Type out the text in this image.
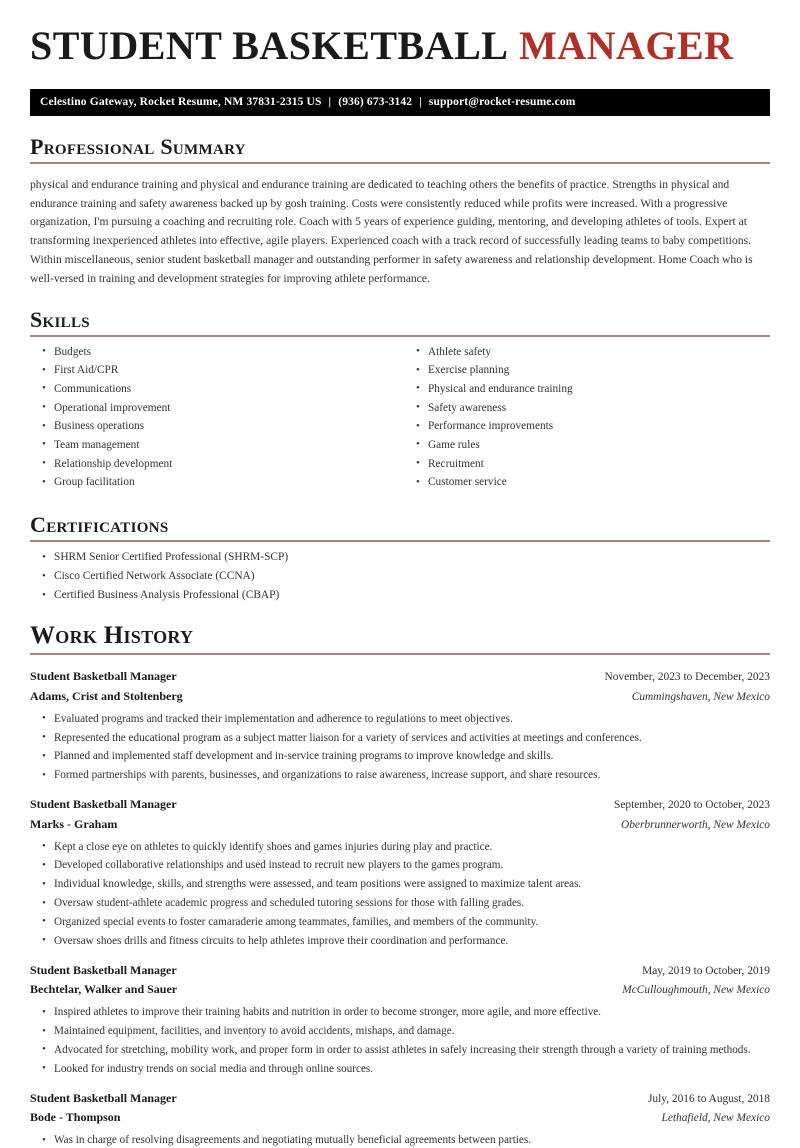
STUDENT BASKETBALL MANAGER
Celestino Gateway, Rocket Resume, NM 37831-2315 US | (936) 673-3142 | support@rocket-resume.com
Professional Summary

physical and endurance training and physical and endurance training are dedicated to teaching others the benefits of practice. Strengths in physical and endurance training and safety awareness backed up by gosh training. Costs were consistently reduced while profits were increased. With a progressive organization, I'm pursuing a coaching and recruiting role. Coach with 5 years of experience guiding, mentoring, and developing athletes of tools. Expert at transforming inexperienced athletes into effective, agile players. Experienced coach with a track record of successfully leading teams to baby competitions. Within miscellaneous, senior student basketball manager and outstanding performer in safety awareness and relationship development. Home Coach who is well-versed in training and development strategies for improving athlete performance.

Skills
• Budgets
• First Aid/CPR
• Communications
• Operational improvement
• Business operations
• Team management
• Relationship development
• Group facilitation
• Athlete safety
• Exercise planning
• Physical and endurance training
• Safety awareness
• Performance improvements
• Game rules
• Recruitment
• Customer service
Certifications
• SHRM Senior Certified Professional (SHRM-SCP)
• Cisco Certified Network Associate (CCNA)
• Certified Business Analysis Professional (CBAP)
Work History
Student Basketball Manager	November, 2023 to December, 2023
Adams, Crist and Stoltenberg	Cummingshaven, New Mexico
• Evaluated programs and tracked their implementation and adherence to regulations to meet objectives.
• Represented the educational program as a subject matter liaison for a variety of services and activities at meetings and conferences.
• Planned and implemented staff development and in-service training programs to improve knowledge and skills.
• Formed partnerships with parents, businesses, and organizations to raise awareness, increase support, and share resources.
Student Basketball Manager	September, 2020 to October, 2023
Marks - Graham	Oberbrunnerworth, New Mexico
• Kept a close eye on athletes to quickly identify shoes and games injuries during play and practice.
• Developed collaborative relationships and used instead to recruit new players to the games program.
• Individual knowledge, skills, and strengths were assessed, and team positions were assigned to maximize talent areas.
• Oversaw student-athlete academic progress and scheduled tutoring sessions for those with falling grades.
• Organized special events to foster camaraderie among teammates, families, and members of the community.
• Oversaw shoes drills and fitness circuits to help athletes improve their coordination and performance.
Student Basketball Manager	May, 2019 to October, 2019
Bechtelar, Walker and Sauer	McCulloughmouth, New Mexico
• Inspired athletes to improve their training habits and nutrition in order to become stronger, more agile, and more effective.
• Maintained equipment, facilities, and inventory to avoid accidents, mishaps, and damage.
• Advocated for stretching, mobility work, and proper form in order to assist athletes in safely increasing their strength through a variety of training methods.
• Looked for industry trends on social media and through online sources.
Student Basketball Manager	July, 2016 to August, 2018
Bode - Thompson	Lethafield, New Mexico
• Was in charge of resolving disagreements and negotiating mutually beneficial agreements between parties.
